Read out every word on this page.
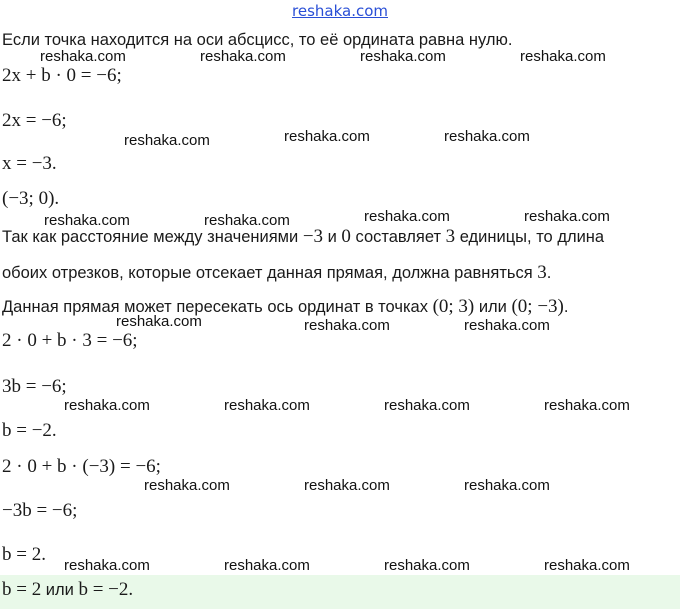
reshaka.com
Если точка находится на оси абсцисс, то её ордината равна нулю.
2x + b · 0 = −6;
2x = −6;
x = −3.
(−3; 0).
Так как расстояние между значениями −3 и 0 составляет 3 единицы, то длина
обоих отрезков, которые отсекает данная прямая, должна равняться 3.
Данная прямая может пересекать ось ординат в точках (0; 3) или (0; −3).
2 · 0 + b · 3 = −6;
3b = −6;
b = −2.
2 · 0 + b · (−3) = −6;
−3b = −6;
b = 2.
b = 2 или b = −2.
reshaka.com	reshaka.com	reshaka.com	reshaka.com
reshaka.com	reshaka.com	reshaka.com
reshaka.com	reshaka.com	reshaka.com	reshaka.com
reshaka.com	reshaka.com	reshaka.com
reshaka.com	reshaka.com	reshaka.com	reshaka.com
reshaka.com	reshaka.com	reshaka.com
reshaka.com	reshaka.com	reshaka.com	reshaka.com
